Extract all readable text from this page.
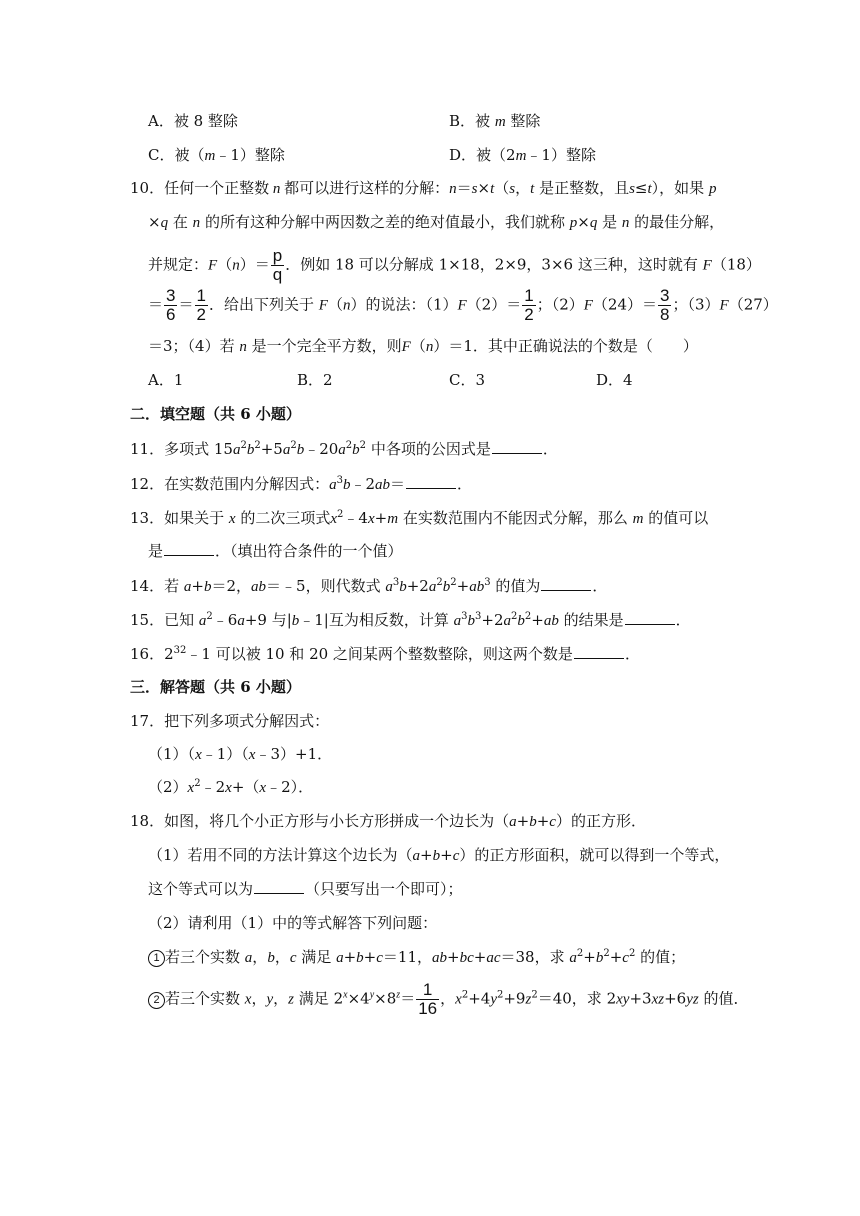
A．被 8 整除	B．被 m 整除
C．被（m﹣1）整除	D．被（2m﹣1）整除
10．任何一个正整数 n 都可以进行这样的分解：n＝s×t（s，t 是正整数，且s≤t），如果 p
×q 在 n 的所有这种分解中两因数之差的绝对值最小，我们就称 p×q 是 n 的最佳分解，
并规定：$F(n)= \frac{p}{q}$ ．例如 18 可以分解成 1×18，2×9，3×6 这三种，这时就有 F（18）
＝ $\frac{3}{6} = \frac{1}{2}$ ．给出下列关于 F（n）的说法：$(1)F(2)= \frac{1}{2}$ ；$(2)F(24)= \frac{3}{8}$ ；（3）F（27）
＝3；（4）若 n 是一个完全平方数，则F（n）＝1．其中正确说法的个数是（　　）
A．1	B．2	C．3	D．4
二．填空题（共 6 小题）
11．多项式 $15a^2b^2+5a^2b﹣20a^2b^2$ 中各项的公因式是	．
12．在实数范围内分解因式：$a^3b﹣2ab=$	．
13．如果关于 x 的二次三项式$x^2﹣4x+m$ 在实数范围内不能因式分解，那么 m 的值可以
是	．（填出符合条件的一个值）
14．若 a+b＝2，ab＝﹣5，则代数式 $a^3b+2a^2b^2+ab^3$ 的值为	．
15．已知 $a^2﹣6a+9$ 与|b﹣1|互为相反数，计算 $a^3b^3+2a^2b^2+ab$ 的结果是	．
16．$2^{32}﹣1$ 可以被 10 和 20 之间某两个整数整除，则这两个数是	．
三．解答题（共 6 小题）
17．把下列多项式分解因式：
（1）（x﹣1）（x﹣3）+1．
$(2)x^2﹣2x+(x﹣2)$．
18．如图，将几个小正方形与小长方形拼成一个边长为（a+b+c）的正方形．
（1）若用不同的方法计算这个边长为（a+b+c）的正方形面积，就可以得到一个等式，
这个等式可以为	（只要写出一个即可）；
（2）请利用（1）中的等式解答下列问题：
1 若三个实数 a，b，c 满足 a+b+c＝11，ab+bc+ac＝38，求 $a^2+b^2+c^2$ 的值；
2 若三个实数 x，y，z 满足 $2^x\times 4^y\times 8^z= \frac{1}{16}$ ，$x^2+4y^2+9z^2=40$，求 2xy+3xz+6yz 的值．
